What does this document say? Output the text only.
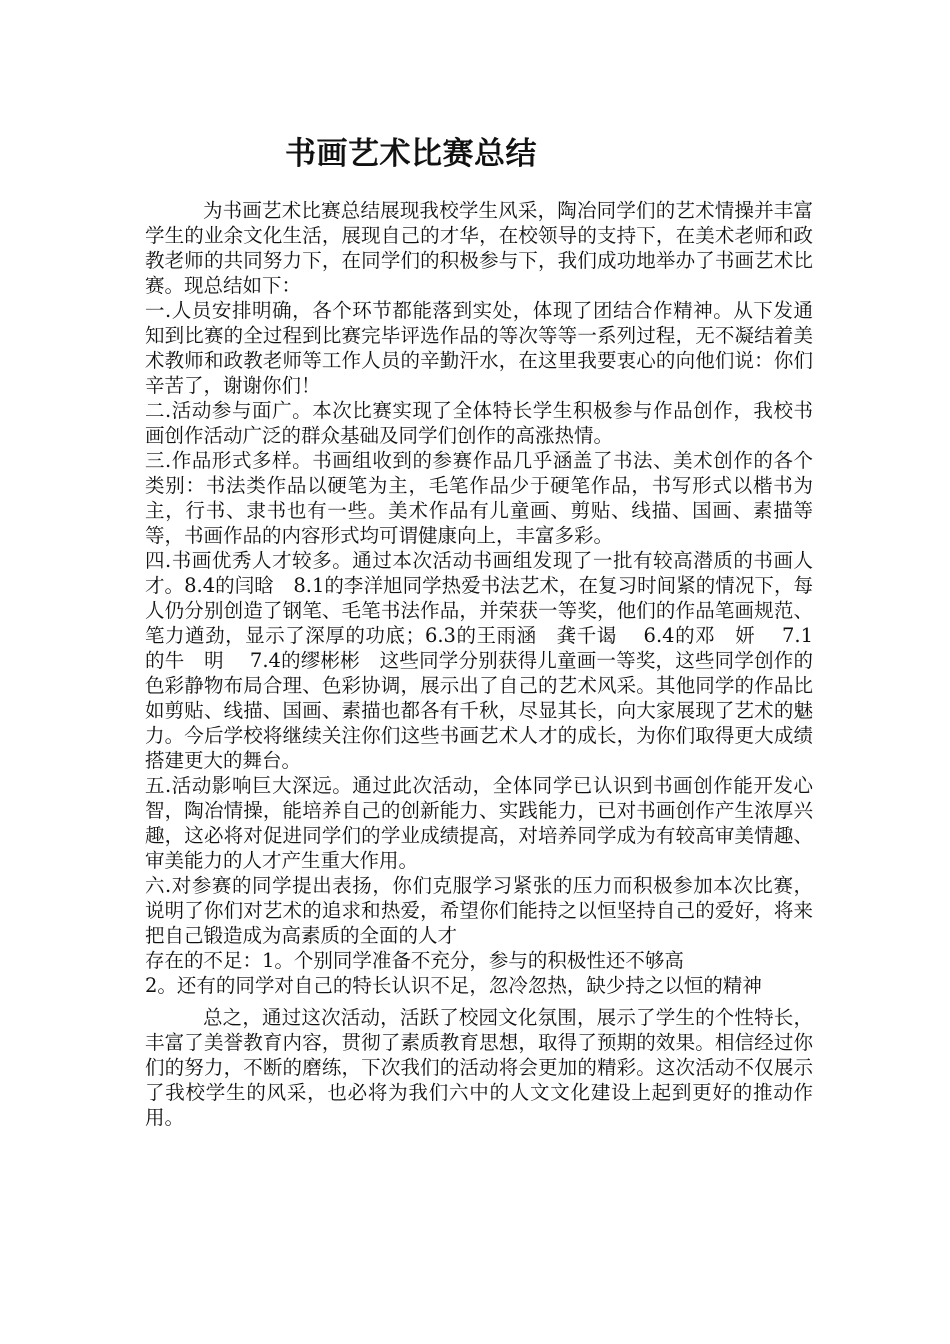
书画艺术比赛总结

为书画艺术比赛总结展现我校学生风采，陶冶同学们的艺术情操并丰富学生的业余文化生活，展现自己的才华，在校领导的支持下，在美术老师和政教老师的共同努力下，在同学们的积极参与下，我们成功地举办了书画艺术比赛。现总结如下：

一.人员安排明确，各个环节都能落到实处，体现了团结合作精神。从下发通知到比赛的全过程到比赛完毕评选作品的等次等等一系列过程，无不凝结着美术教师和政教老师等工作人员的辛勤汗水，在这里我要衷心的向他们说：你们辛苦了，谢谢你们！

二.活动参与面广。本次比赛实现了全体特长学生积极参与作品创作，我校书画创作活动广泛的群众基础及同学们创作的高涨热情。

三.作品形式多样。书画组收到的参赛作品几乎涵盖了书法、美术创作的各个类别：书法类作品以硬笔为主，毛笔作品少于硬笔作品，书写形式以楷书为主，行书、隶书也有一些。美术作品有儿童画、剪贴、线描、国画、素描等等，书画作品的内容形式均可谓健康向上，丰富多彩。

四.书画优秀人才较多。通过本次活动书画组发现了一批有较高潜质的书画人才。8.4的闫晗　8.1的李洋旭同学热爱书法艺术，在复习时间紧的情况下，每人仍分别创造了钢笔、毛笔书法作品，并荣获一等奖，他们的作品笔画规范、笔力遒劲，显示了深厚的功底；6.3的王雨涵　龚千谒　 6.4的邓　妍　 7.1的牛　明　 7.4的缪彬彬　这些同学分别获得儿童画一等奖，这些同学创作的色彩静物布局合理、色彩协调，展示出了自己的艺术风采。其他同学的作品比如剪贴、线描、国画、素描也都各有千秋，尽显其长，向大家展现了艺术的魅力。今后学校将继续关注你们这些书画艺术人才的成长，为你们取得更大成绩搭建更大的舞台。

五.活动影响巨大深远。通过此次活动，全体同学已认识到书画创作能开发心智，陶冶情操，能培养自己的创新能力、实践能力，已对书画创作产生浓厚兴趣，这必将对促进同学们的学业成绩提高，对培养同学成为有较高审美情趣、审美能力的人才产生重大作用。

六.对参赛的同学提出表扬，你们克服学习紧张的压力而积极参加本次比赛，说明了你们对艺术的追求和热爱，希望你们能持之以恒坚持自己的爱好，将来把自己锻造成为高素质的全面的人才

存在的不足：1。个别同学准备不充分，参与的积极性还不够高

2。还有的同学对自己的特长认识不足，忽冷忽热，缺少持之以恒的精神

总之，通过这次活动，活跃了校园文化氛围，展示了学生的个性特长，丰富了美誉教育内容，贯彻了素质教育思想，取得了预期的效果。相信经过你们的努力，不断的磨练，下次我们的活动将会更加的精彩。这次活动不仅展示了我校学生的风采，也必将为我们六中的人文文化建设上起到更好的推动作用。
